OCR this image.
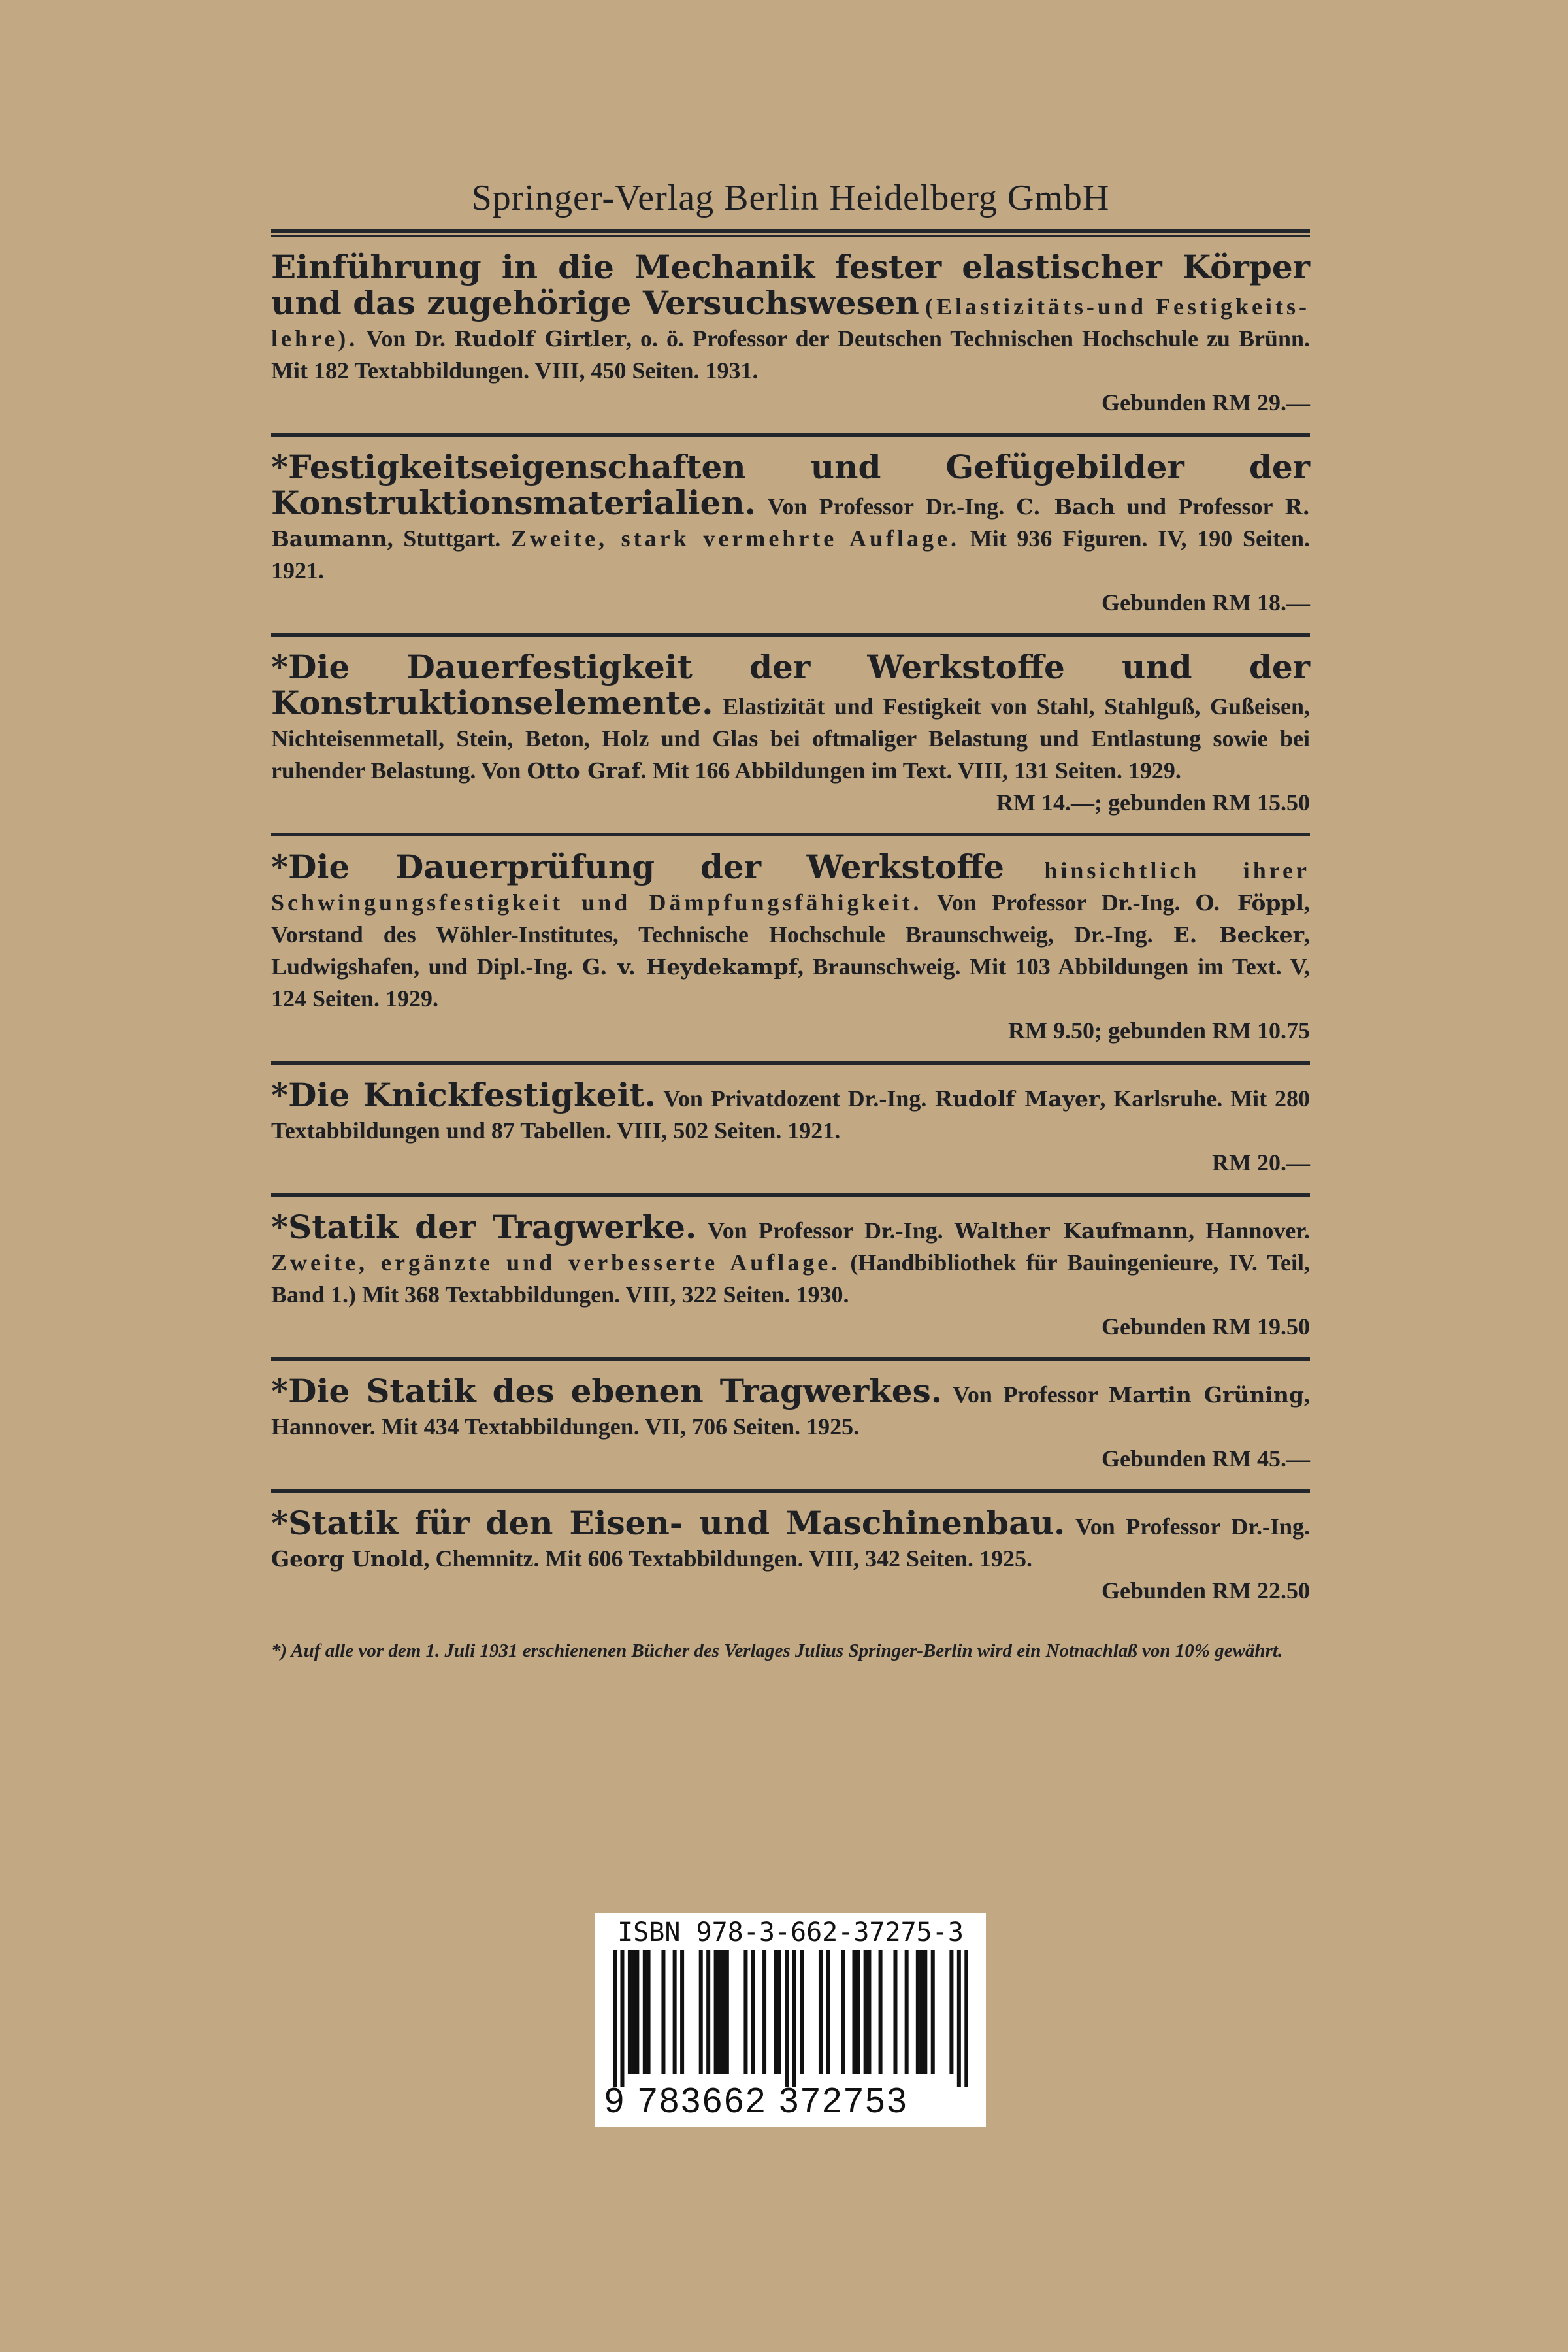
Springer-Verlag Berlin Heidelberg GmbH
Einführung in die Mechanik fester elastischer Körper und das zugehörige Versuchswesen (Elastizitäts-und Festigkeits-lehre). Von Dr. Rudolf Girtler, o. ö. Professor der Deutschen Technischen Hochschule zu Brünn. Mit 182 Textabbildungen. VIII, 450 Seiten. 1931.
Gebunden RM 29.—
*Festigkeitseigenschaften und Gefügebilder der Konstruktionsmaterialien. Von Professor Dr.-Ing. C. Bach und Professor R. Baumann, Stuttgart. Zweite, stark vermehrte Auflage. Mit 936 Figuren. IV, 190 Seiten. 1921.
Gebunden RM 18.—
*Die Dauerfestigkeit der Werkstoffe und der Konstruktionselemente. Elastizität und Festigkeit von Stahl, Stahlguß, Gußeisen, Nichteisenmetall, Stein, Beton, Holz und Glas bei oftmaliger Belastung und Entlastung sowie bei ruhender Belastung. Von Otto Graf. Mit 166 Abbildungen im Text. VIII, 131 Seiten. 1929.
RM 14.—; gebunden RM 15.50
*Die Dauerprüfung der Werkstoffe hinsichtlich ihrer Schwingungsfestigkeit und Dämpfungsfähigkeit. Von Professor Dr.-Ing. O. Föppl, Vorstand des Wöhler-Institutes, Technische Hochschule Braunschweig, Dr.-Ing. E. Becker, Ludwigshafen, und Dipl.-Ing. G. v. Heydekampf, Braunschweig. Mit 103 Abbildungen im Text. V, 124 Seiten. 1929.
RM 9.50; gebunden RM 10.75
*Die Knickfestigkeit. Von Privatdozent Dr.-Ing. Rudolf Mayer, Karlsruhe. Mit 280 Textabbildungen und 87 Tabellen. VIII, 502 Seiten. 1921.
RM 20.—
*Statik der Tragwerke. Von Professor Dr.-Ing. Walther Kaufmann, Hannover. Zweite, ergänzte und verbesserte Auflage. (Handbibliothek für Bauingenieure, IV. Teil, Band 1.) Mit 368 Textabbildungen. VIII, 322 Seiten. 1930.
Gebunden RM 19.50
*Die Statik des ebenen Tragwerkes. Von Professor Martin Grüning, Hannover. Mit 434 Textabbildungen. VII, 706 Seiten. 1925.
Gebunden RM 45.—
*Statik für den Eisen- und Maschinenbau. Von Professor Dr.-Ing. Georg Unold, Chemnitz. Mit 606 Textabbildungen. VIII, 342 Seiten. 1925.
Gebunden RM 22.50
*) Auf alle vor dem 1. Juli 1931 erschienenen Bücher des Verlages Julius Springer-Berlin wird ein Notnachlaß von 10% gewährt.
ISBN 978-3-662-37275-3
9 783662 372753
